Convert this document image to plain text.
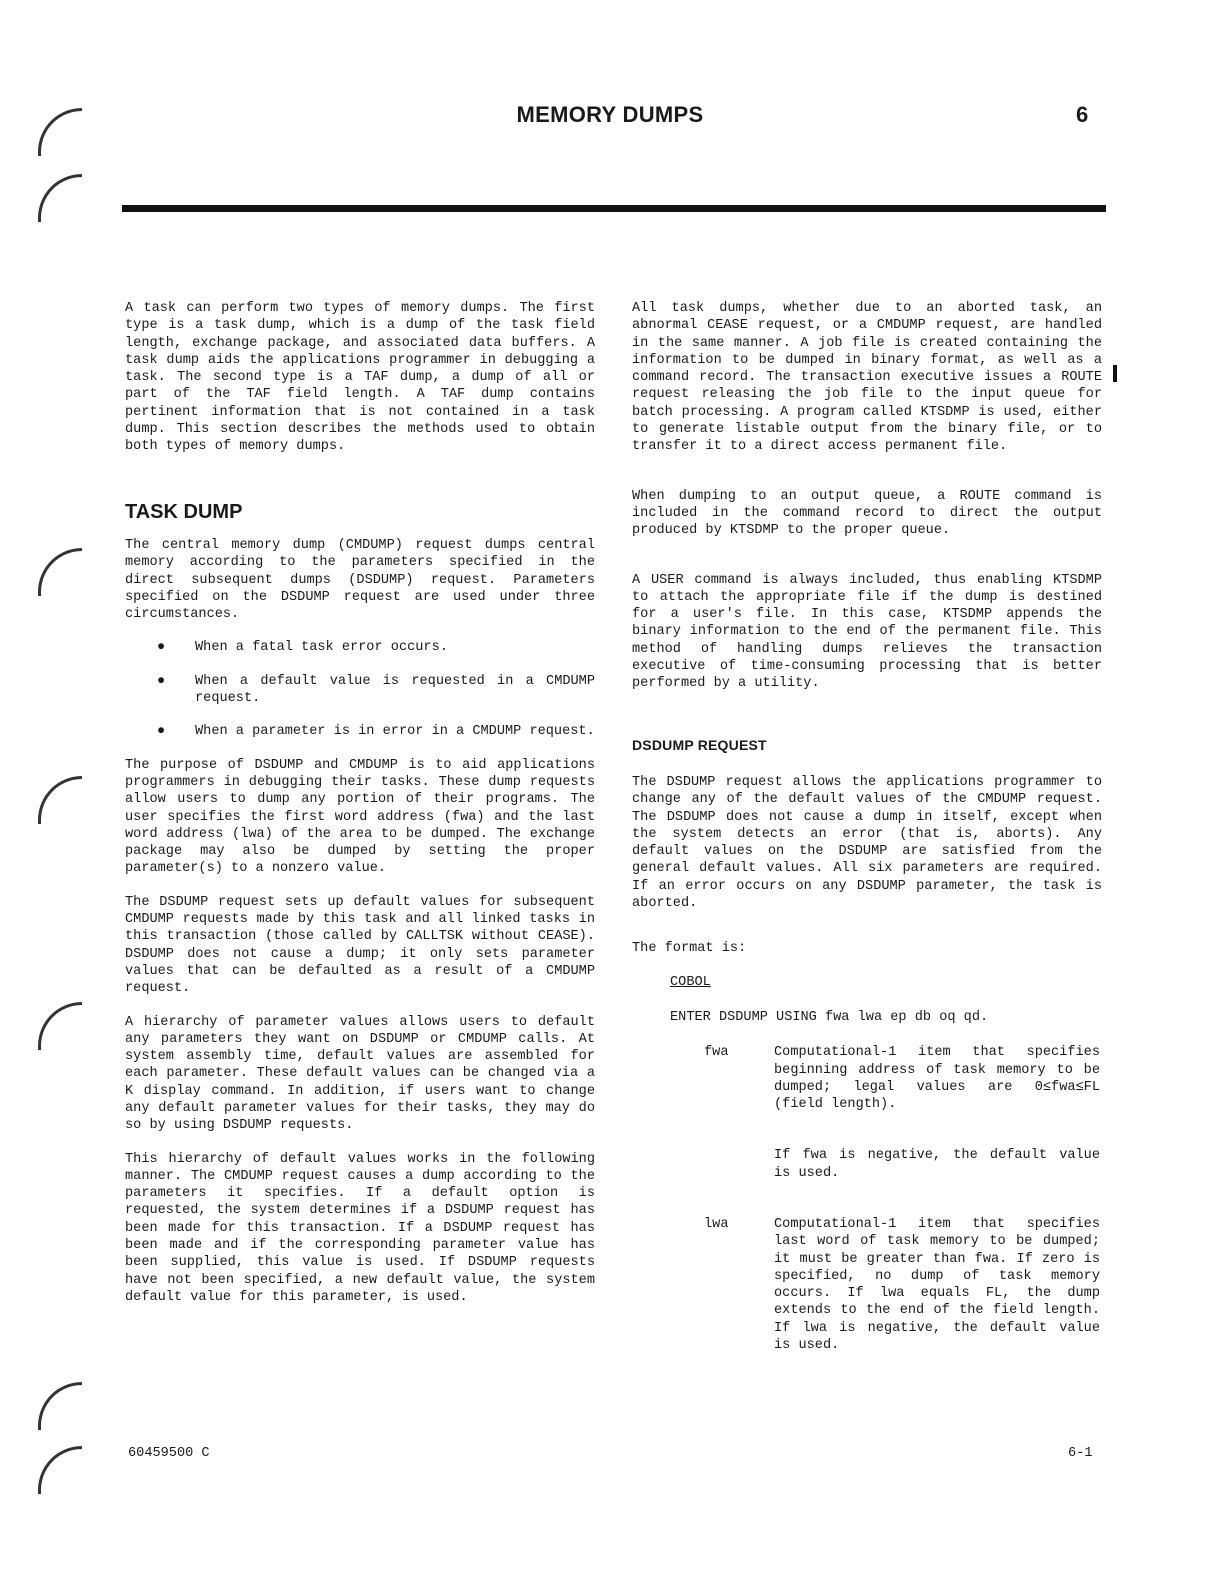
MEMORY DUMPS	6

A task can perform two types of memory dumps. The first type is a task dump, which is a dump of the task field length, exchange package, and associated data buffers. A task dump aids the applications programmer in debugging a task. The second type is a TAF dump, a dump of all or part of the TAF field length. A TAF dump contains pertinent information that is not contained in a task dump. This section describes the methods used to obtain both types of memory dumps.

TASK DUMP

The central memory dump (CMDUMP) request dumps central memory according to the parameters specified in the direct subsequent dumps (DSDUMP) request. Parameters specified on the DSDUMP request are used under three circumstances.

● When a fatal task error occurs.
● When a default value is requested in a CMDUMP request.
● When a parameter is in error in a CMDUMP request.

The purpose of DSDUMP and CMDUMP is to aid applications programmers in debugging their tasks. These dump requests allow users to dump any portion of their programs. The user specifies the first word address (fwa) and the last word address (lwa) of the area to be dumped. The exchange package may also be dumped by setting the proper parameter(s) to a nonzero value.

The DSDUMP request sets up default values for subsequent CMDUMP requests made by this task and all linked tasks in this transaction (those called by CALLTSK without CEASE). DSDUMP does not cause a dump; it only sets parameter values that can be defaulted as a result of a CMDUMP request.

A hierarchy of parameter values allows users to default any parameters they want on DSDUMP or CMDUMP calls. At system assembly time, default values are assembled for each parameter. These default values can be changed via a K display command. In addition, if users want to change any default parameter values for their tasks, they may do so by using DSDUMP requests.

This hierarchy of default values works in the following manner. The CMDUMP request causes a dump according to the parameters it specifies. If a default option is requested, the system determines if a DSDUMP request has been made for this transaction. If a DSDUMP request has been made and if the corresponding parameter value has been supplied, this value is used. If DSDUMP requests have not been specified, a new default value, the system default value for this parameter, is used.

All task dumps, whether due to an aborted task, an abnormal CEASE request, or a CMDUMP request, are handled in the same manner. A job file is created containing the information to be dumped in binary format, as well as a command record. The transaction executive issues a ROUTE request releasing the job file to the input queue for batch processing. A program called KTSDMP is used, either to generate listable output from the binary file, or to transfer it to a direct access permanent file.

When dumping to an output queue, a ROUTE command is included in the command record to direct the output produced by KTSDMP to the proper queue.

A USER command is always included, thus enabling KTSDMP to attach the appropriate file if the dump is destined for a user's file. In this case, KTSDMP appends the binary information to the end of the permanent file. This method of handling dumps relieves the transaction executive of time-consuming processing that is better performed by a utility.

DSDUMP REQUEST

The DSDUMP request allows the applications programmer to change any of the default values of the CMDUMP request. The DSDUMP does not cause a dump in itself, except when the system detects an error (that is, aborts). Any default values on the DSDUMP are satisfied from the general default values. All six parameters are required. If an error occurs on any DSDUMP parameter, the task is aborted.

The format is:

COBOL
ENTER DSDUMP USING fwa lwa ep db oq qd.
fwa	Computational-1 item that specifies beginning address of task memory to be dumped; legal values are 0≤fwa≤FL (field length).

If fwa is negative, the default value is used.

lwa	Computational-1 item that specifies last word of task memory to be dumped; it must be greater than fwa. If zero is specified, no dump of task memory occurs. If lwa equals FL, the dump extends to the end of the field length. If lwa is negative, the default value is used.
60459500 C	6-1
